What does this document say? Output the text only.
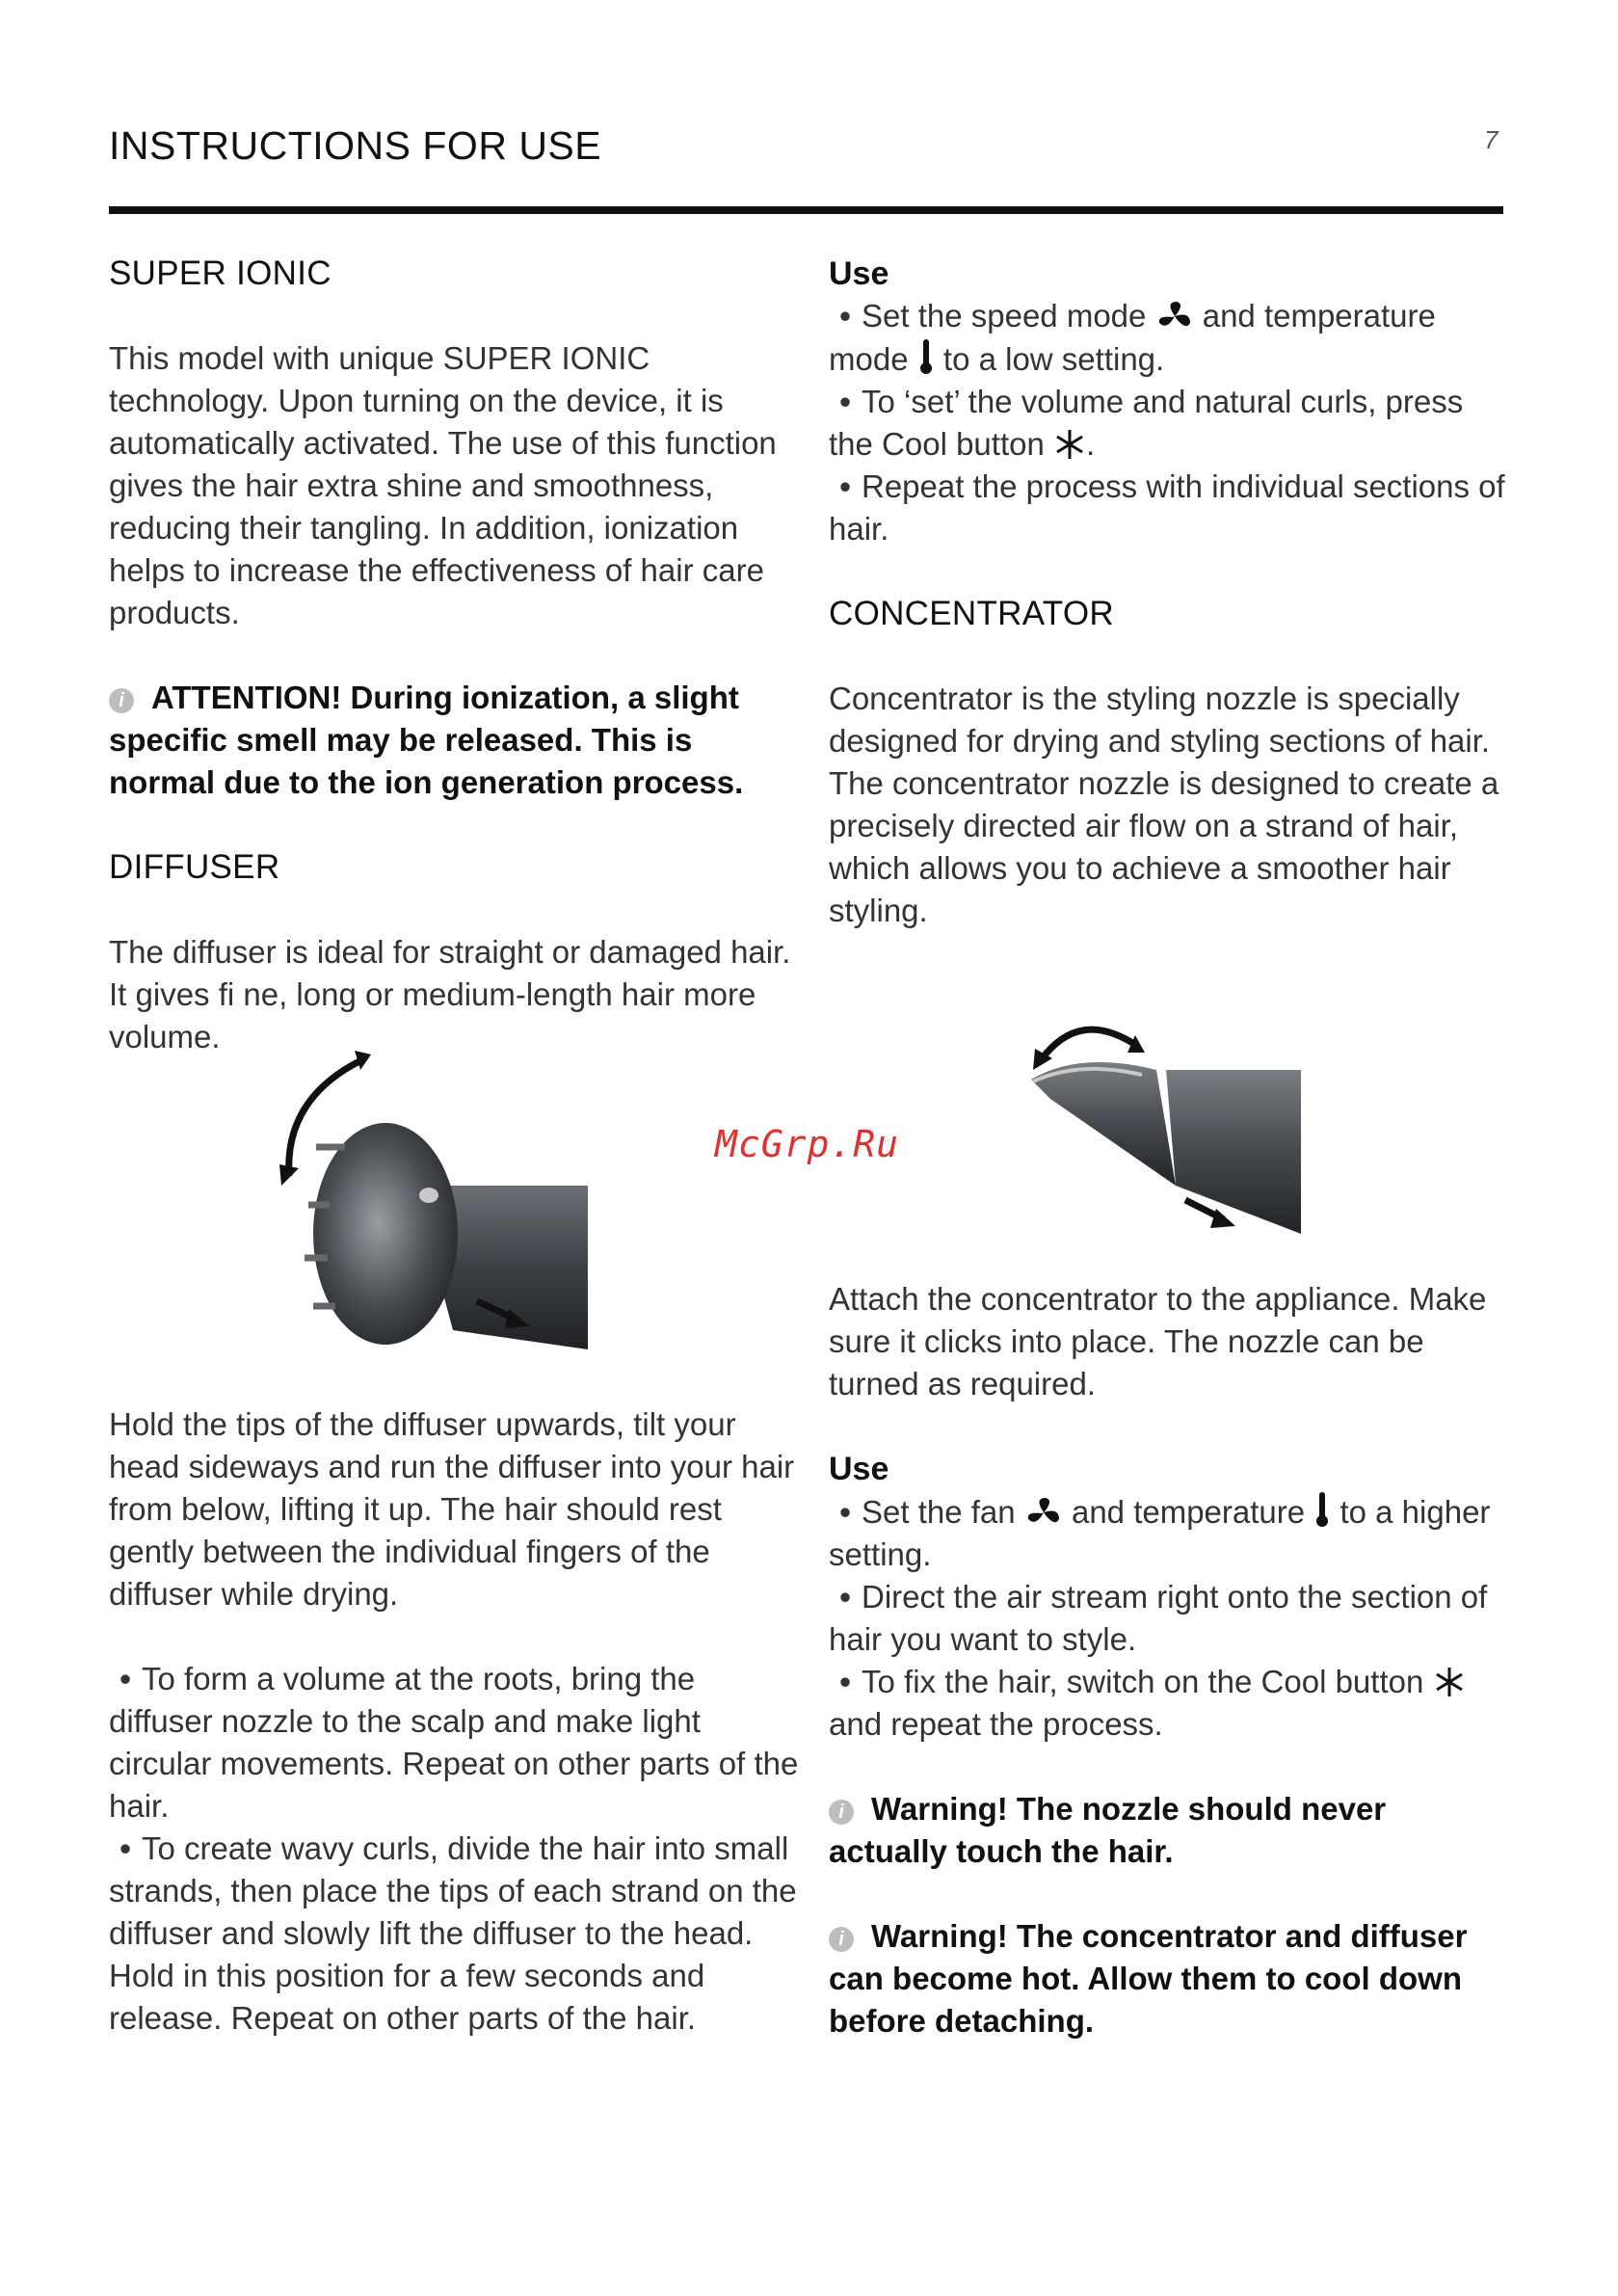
INSTRUCTIONS FOR USE	7
SUPER IONIC

This model with unique SUPER IONIC technology. Upon turning on the device, it is automatically activated. The use of this function gives the hair extra shine and smoothness, reducing their tangling. In addition, ionization helps to increase the effectiveness of hair care products.

i ATTENTION! During ionization, a slight specific smell may be released. This is normal due to the ion generation process.
DIFFUSER

The diffuser is ideal for straight or damaged hair. It gives fi ne, long or medium-length hair more volume.

Hold the tips of the diffuser upwards, tilt your head sideways and run the diffuser into your hair from below, lifting it up. The hair should rest gently between the individual fingers of the diffuser while drying.

• To form a volume at the roots, bring the diffuser nozzle to the scalp and make light circular movements. Repeat on other parts of the hair.
• To create wavy curls, divide the hair into small strands, then place the tips of each strand on the diffuser and slowly lift the diffuser to the head. Hold in this position for a few seconds and release. Repeat on other parts of the hair.
Use
• Set the speed mode and temperature mode to a low setting.
• To ‘set’ the volume and natural curls, press the Cool button .
• Repeat the process with individual sections of hair.
CONCENTRATOR

Concentrator is the styling nozzle is specially designed for drying and styling sections of hair. The concentrator nozzle is designed to create a precisely directed air flow on a strand of hair, which allows you to achieve a smoother hair styling.

McGrp.Ru

Attach the concentrator to the appliance. Make sure it clicks into place. The nozzle can be turned as required.

Use
• Set the fan and temperature to a higher setting.
• Direct the air stream right onto the section of hair you want to style.
• To fix the hair, switch on the Cool button  and repeat the process.
i Warning! The nozzle should never actually touch the hair.
i Warning! The concentrator and diffuser can become hot. Allow them to cool down before detaching.
